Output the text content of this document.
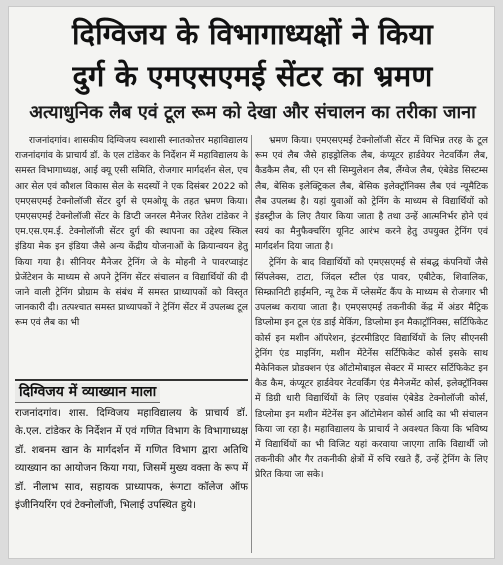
दिग्विजय के विभागाध्यक्षों ने किया
दुर्ग के एमएसएमई सेंटर का भ्रमण
अत्याधुनिक लैब एवं टूल रूम को देखा और संचालन का तरीका जाना

राजनांदगांव। शासकीय दिग्विजय स्वशासी स्नातकोत्तर महाविद्यालय राजनांदगांव के प्राचार्य डॉ. के एल टांडेकर के निर्देशन में महाविद्यालय के समस्त विभागाध्यक्ष, आई क्यू एसी समिति, रोजगार मार्गदर्शन सेल, एच आर सेल एवं कौशल विकास सेल के सदस्यों ने एक दिसंबर 2022 को एमएसएमई टेक्नोलॉजी सेंटर दुर्ग से एमओयू के तहत भ्रमण किया। एमएसएमई टेक्नोलॉजी सेंटर के डिप्टी जनरल मैनेजर रितेश टांडेकर ने एम.एस.एम.ई. टेक्नोलॉजी सेंटर दुर्ग की स्थापना का उद्देश्य स्किल इंडिया मेक इन इंडिया जैसे अन्य केंद्रीय योजनाओं के क्रियान्वयन हेतु किया गया है। सीनियर मैनेजर ट्रेनिंग जे के मोहनी ने पावरप्वाइंट प्रेजेंटेशन के माध्यम से अपने ट्रेनिंग सेंटर संचालन व विद्यार्थियों की दी जाने वाली ट्रेनिंग प्रोग्राम के संबंध में समस्त प्राध्यापकों को विस्तृत जानकारी दी। तत्पश्चात समस्त प्राध्यापकों ने ट्रेनिंग सेंटर में उपलब्ध टूल रूम एवं लैब का भी

भ्रमण किया। एमएसएमई टेक्नोलॉजी सेंटर में विभिन्न तरह के टूल रूम एवं लैब जैसे हाइड्रोलिक लैब, कंप्यूटर हार्डवेयर नेटवर्किंग लैब, कैडकैम लैब, सी एन सी सिम्युलेशन लैब, लैंग्वेज लैब, एंबेडेड सिस्टम्स लैब, बेसिक इलेक्ट्रिकल लैब, बेसिक इलेक्ट्रॉनिक्स लैब एवं न्यूमैटिक लैब उपलब्ध है। यहां युवाओं को ट्रेनिंग के माध्यम से विद्यार्थियों को इंडस्ट्रीज के लिए तैयार किया जाता है तथा उन्हें आत्मनिर्भर होने एवं स्वयं का मैनुफैक्चरिंग यूनिट आरंभ करने हेतु उपयुक्त ट्रेनिंग एवं मार्गदर्शन दिया जाता है।

ट्रेनिंग के बाद विद्यार्थियों को एमएसएमई से संबद्ध कंपनियों जैसे सिंपलेक्स, टाटा, जिंदल स्टील एंड पावर, एबीटेक, शिवालिक, सिम्क्रानिटी हाईमनि, न्यू टेक में प्लेसमेंट कैंप के माध्यम से रोजगार भी उपलब्ध कराया जाता है। एमएसएमई तकनीकी केंद्र में अंडर मैट्रिक डिप्लोमा इन टूल एंड डाई मेकिंग, डिप्लोमा इन मैकाट्रॉनिक्स, सर्टिफिकेट कोर्स इन मशीन ऑपरेशन, इंटरमीडिएट विद्यार्थियों के लिए सीएनसी ट्रेनिंग एंड माइनिंग, मशीन मेंटेनेंस सर्टिफिकेट कोर्स इसके साथ मैकेनिकल प्रोडक्शन एंड ऑटोमोबाइल सेक्टर में मास्टर सर्टिफिकेट इन कैड कैम, कंप्यूटर हार्डवेयर नेटवर्किंग एंड मैनेजमेंट कोर्स, इलेक्ट्रॉनिक्स में डिग्री धारी विद्यार्थियों के लिए एडवांस एंबेडेड टेक्नोलॉजी कोर्स, डिप्लोमा इन मशीन मेंटेनेंस इन ऑटोमेशन कोर्स आदि का भी संचालन किया जा रहा है। महाविद्यालय के प्राचार्य ने अवश्यत किया कि भविष्य में विद्यार्थियों का भी विजिट यहां करवाया जाएगा ताकि विद्यार्थी जो तकनीकी और गैर तकनीकी क्षेत्रों में रुचि रखते हैं, उन्हें ट्रेनिंग के लिए प्रेरित किया जा सके।

दिग्विजय में व्याख्यान माला
राजनांदगांव। शास. दिग्विजय महाविद्यालय के प्राचार्य डॉ. के.एल. टांडेकर के निर्देशन में एवं गणित विभाग के विभागाध्यक्ष डॉ. शबनम खान के मार्गदर्शन में गणित विभाग द्वारा अतिथि व्याख्यान का आयोजन किया गया, जिसमें मुख्य वक्ता के रूप में डॉ. नीलाभ साव, सहायक प्राध्यापक, रूंगटा कॉलेज ऑफ इंजीनियरिंग एवं टेक्नोलॉजी, भिलाई उपस्थित हुये।
